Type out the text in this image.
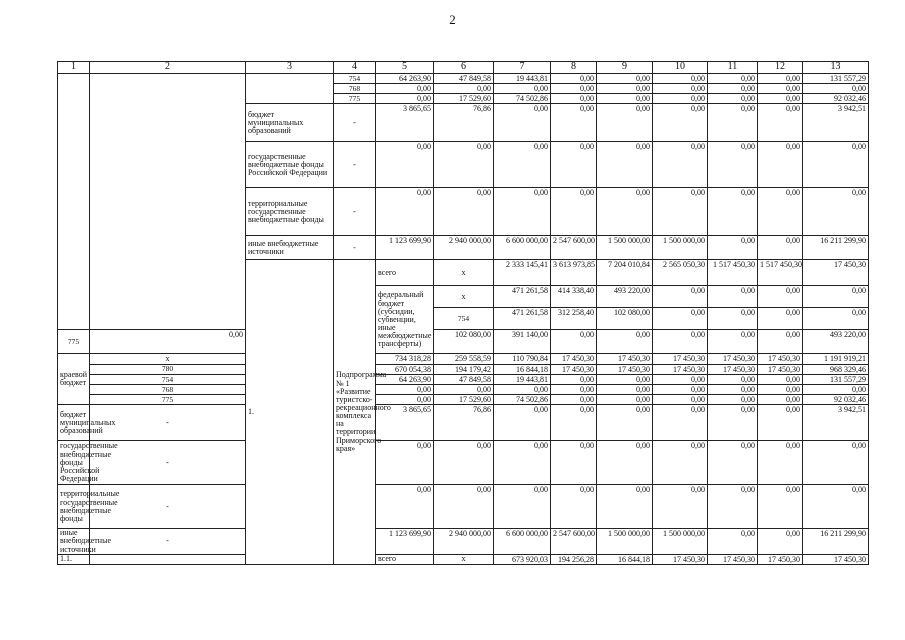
2
1	2	3	4	5	6	7	8	9	10	11	12	13	
			754	64 263,90	47 849,58	19 443,81	0,00	0,00	0,00	0,00	0,00	131 557,29	
			768	0,00	0,00	0,00	0,00	0,00	0,00	0,00	0,00	0,00	
			775	0,00	17 529,60	74 502,86	0,00	0,00	0,00	0,00	0,00	92 032,46	
		бюджет муниципальных образований	-	3 865,65	76,86	0,00	0,00	0,00	0,00	0,00	0,00	3 942,51	
		государственные внебюджетные фонды Российской Федерации	-	0,00	0,00	0,00	0,00	0,00	0,00	0,00	0,00	0,00	
		территориальные государственные внебюджетные фонды	-	0,00	0,00	0,00	0,00	0,00	0,00	0,00	0,00	0,00	
		иные внебюджетные источники	-	1 123 699,90	2 940 000,00	6 600 000,00	2 547 600,00	1 500 000,00	1 500 000,00	0,00	0,00	16 211 299,90	
		1.	Подпрограмма № 1 «Развитие туристско-рекреационного комплекса на территории Приморского края»	всего	x	2 333 145,41	3 613 973,85	7 204 010,84	2 565 050,30	1 517 450,30	1 517 450,30	17 450,30		
				федеральный бюджет (субсидии, субвенции, иные межбюджетные трансферты)	x	471 261,58	414 338,40	493 220,00	0,00	0,00	0,00	0,00		
					754	471 261,58	312 258,40	102 080,00	0,00	0,00	0,00	0,00		
775	0,00				102 080,00	391 140,00	0,00	0,00	0,00	0,00	0,00	493 220,00	
краевой бюджет	x			734 318,28	259 558,59	110 790,84	17 450,30	17 450,30	17 450,30	17 450,30	17 450,30	1 191 919,21	
	780			670 054,38	194 179,42	16 844,18	17 450,30	17 450,30	17 450,30	17 450,30	17 450,30	968 329,46	
	754			64 263,90	47 849,58	19 443,81	0,00	0,00	0,00	0,00	0,00	131 557,29	
	768			0,00	0,00	0,00	0,00	0,00	0,00	0,00	0,00	0,00	
	775			0,00	17 529,60	74 502,86	0,00	0,00	0,00	0,00	0,00	92 032,46	
бюджет муниципальных образований	-			3 865,65	76,86	0,00	0,00	0,00	0,00	0,00	0,00	3 942,51	
государственные внебюджетные фонды Российской Федерации	-			0,00	0,00	0,00	0,00	0,00	0,00	0,00	0,00	0,00	
территориальные государственные внебюджетные фонды	-			0,00	0,00	0,00	0,00	0,00	0,00	0,00	0,00	0,00	
иные внебюджетные источники	-			1 123 699,90	2 940 000,00	6 600 000,00	2 547 600,00	1 500 000,00	1 500 000,00	0,00	0,00	16 211 299,90	
1.1.				всего	x	673 920,03	194 256,28	16 844,18	17 450,30	17 450,30	17 450,30	17 450,30		
